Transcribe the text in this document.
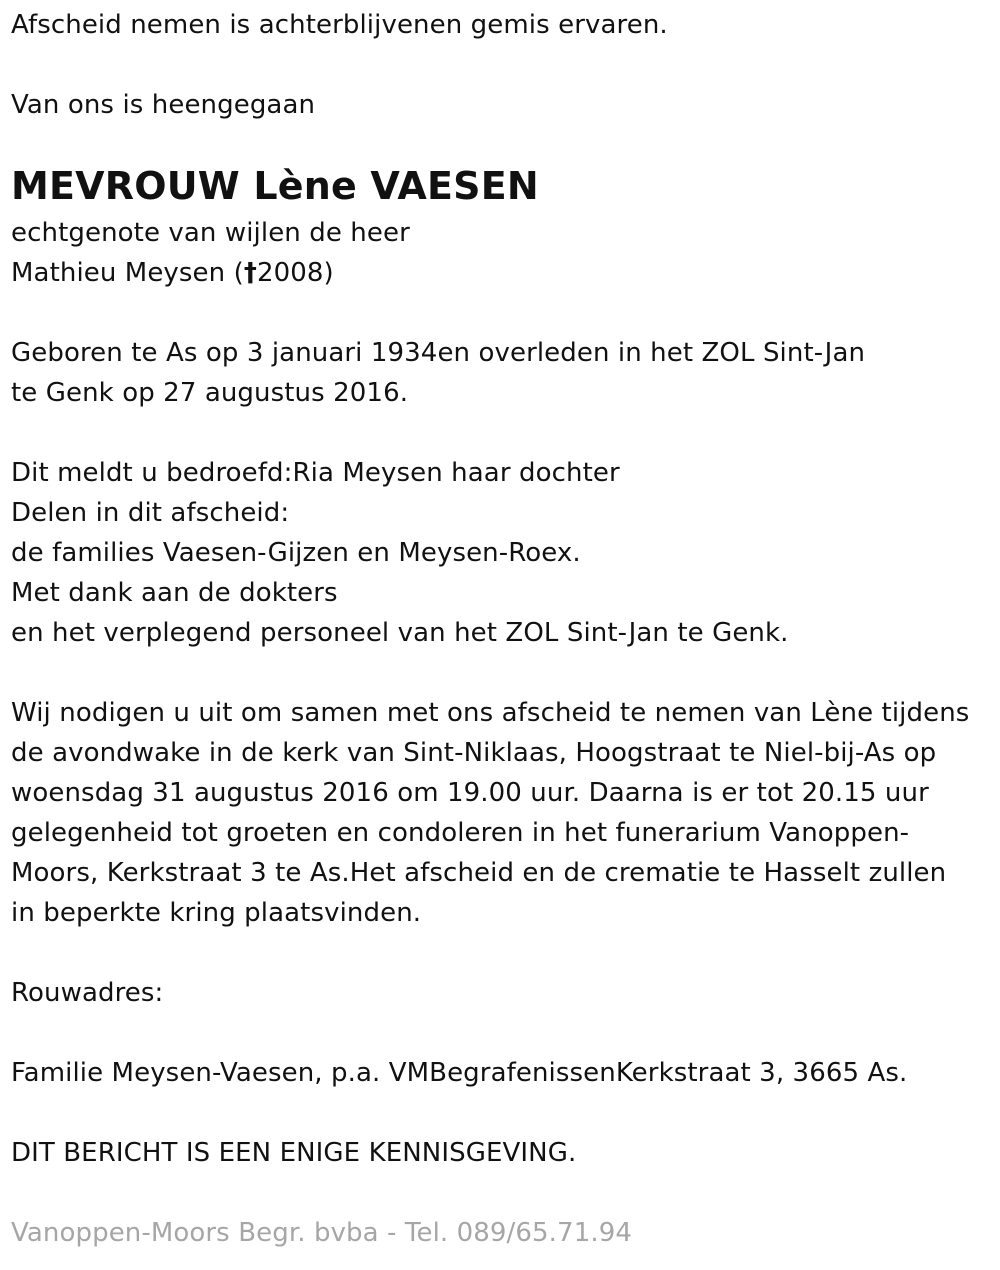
Afscheid nemen is achterblijvenen gemis ervaren.
Van ons is heengegaan
MEVROUW Lène VAESEN
echtgenote van wijlen de heer
Mathieu Meysen (†2008)
Geboren te As op 3 januari 1934en overleden in het ZOL Sint-Jan
te Genk op 27 augustus 2016.
Dit meldt u bedroefd:Ria Meysen haar dochter
Delen in dit afscheid:
de families Vaesen-Gijzen en Meysen-Roex.
Met dank aan de dokters
en het verplegend personeel van het ZOL Sint-Jan te Genk.
Wij nodigen u uit om samen met ons afscheid te nemen van Lène tijdens
de avondwake in de kerk van Sint-Niklaas, Hoogstraat te Niel-bij-As op
woensdag 31 augustus 2016 om 19.00 uur. Daarna is er tot 20.15 uur
gelegenheid tot groeten en condoleren in het funerarium Vanoppen-
Moors, Kerkstraat 3 te As.Het afscheid en de crematie te Hasselt zullen
in beperkte kring plaatsvinden.
Rouwadres:
Familie Meysen-Vaesen, p.a. VMBegrafenissenKerkstraat 3, 3665 As.
DIT BERICHT IS EEN ENIGE KENNISGEVING.
Vanoppen-Moors Begr. bvba - Tel. 089/65.71.94
